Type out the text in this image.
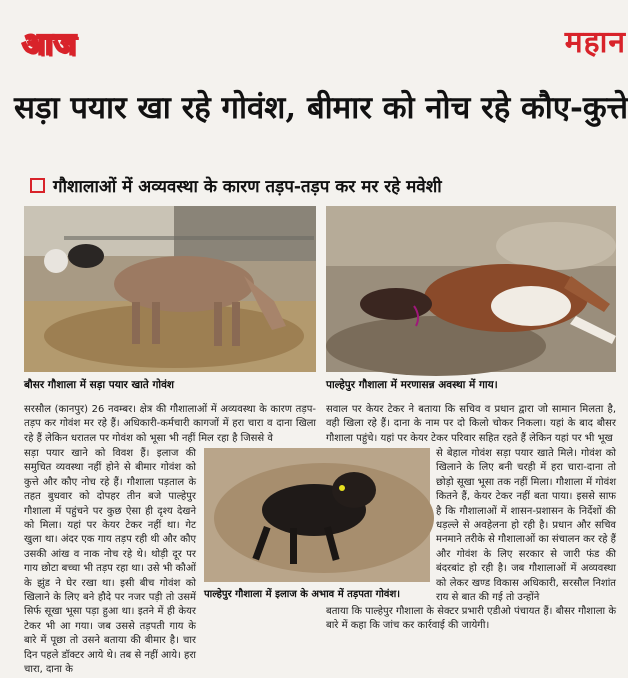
आज	महान
सड़ा पयार खा रहे गोवंश, बीमार को नोच रहे कौए-कुत्ते
गौशालाओं में अव्यवस्था के कारण तड़प-तड़प कर मर रहे मवेशी
बौसर गौशाला में सड़ा पयार खाते गोवंश	पाल्हेपुर गौशाला में मरणासन्न अवस्था में गाय।

सरसौल (कानपुर) 26 नवम्बर। क्षेत्र की गौशालाओं में अव्यवस्था के कारण तड़प-तड़प कर गोवंश मर रहे हैं। अधिकारी-कर्मचारी कागजों में हरा चारा व दाना खिला रहे हैं लेकिन धरातल पर गोवंश को भूसा भी नहीं मिल रहा है जिससे वे

सड़ा पयार खाने को विवश हैं। इलाज की समुचित व्यवस्था नहीं होने से बीमार गोवंश को कुत्ते और कौए नोच रहे हैं। गौशाला पड़ताल के तहत बुधवार को दोपहर तीन बजे पाल्हेपुर गौशाला में पहुंचने पर कुछ ऐसा ही दृश्य देखने को मिला। यहां पर केयर टेकर नहीं था। गेट खुला था। अंदर एक गाय तड़प रही थी और कौए उसकी आंख व नाक नोच रहे थे। थोड़ी दूर पर गाय छोटा बच्चा भी तड़प रहा था। उसे भी कौओं के झुंड ने घेर रखा था। इसी बीच गोवंश को खिलाने के लिए बने हौदे पर नजर पड़ी तो उसमें सिर्फ सूखा भूसा पड़ा हुआ था। इतने में ही केयर टेकर भी आ गया। जब उससे तड़पती गाय के बारे में पूछा तो उसने बताया की बीमार है। चार दिन पहले डॉक्टर आये थे। तब से नहीं आये। हरा चारा, दाना के

सवाल पर केयर टेकर ने बताया कि सचिव व प्रधान द्वारा जो सामान मिलता है, वही खिला रहे हैं। दाना के नाम पर दो किलो चोकर निकला। यहां के बाद बौसर गौशाला पहुंचे। यहां पर केयर टेकर परिवार सहित रहते हैं लेकिन यहां पर भी भूख

पाल्हेपुर गौशाला में इलाज के अभाव में तड़पता गोवंश।

से बेहाल गोवंश सड़ा पयार खाते मिले। गोवंश को खिलाने के लिए बनी चरही में हरा चारा-दाना तो छोड़ो सूखा भूसा तक नहीं मिला। गौशाला में गोवंश कितने हैं, केयर टेकर नहीं बता पाया। इससे साफ है कि गौशालाओं में शासन-प्रशासन के निर्देशों की धड़ल्ले से अवहेलना हो रही है। प्रधान और सचिव मनमाने तरीके से गौशालाओं का संचालन कर रहे हैं और गोवंश के लिए सरकार से जारी फंड की बंदरबांट हो रही है। जब गौशालाओं में अव्यवस्था को लेकर खण्ड विकास अधिकारी, सरसौल निशांत राय से बात की गई तो उन्होंने

बताया कि पाल्हेपुर गौशाला के सेक्टर प्रभारी एडीओ पंचायत हैं। बौसर गौशाला के बारे में कहा कि जांच कर कार्रवाई की जायेगी।
